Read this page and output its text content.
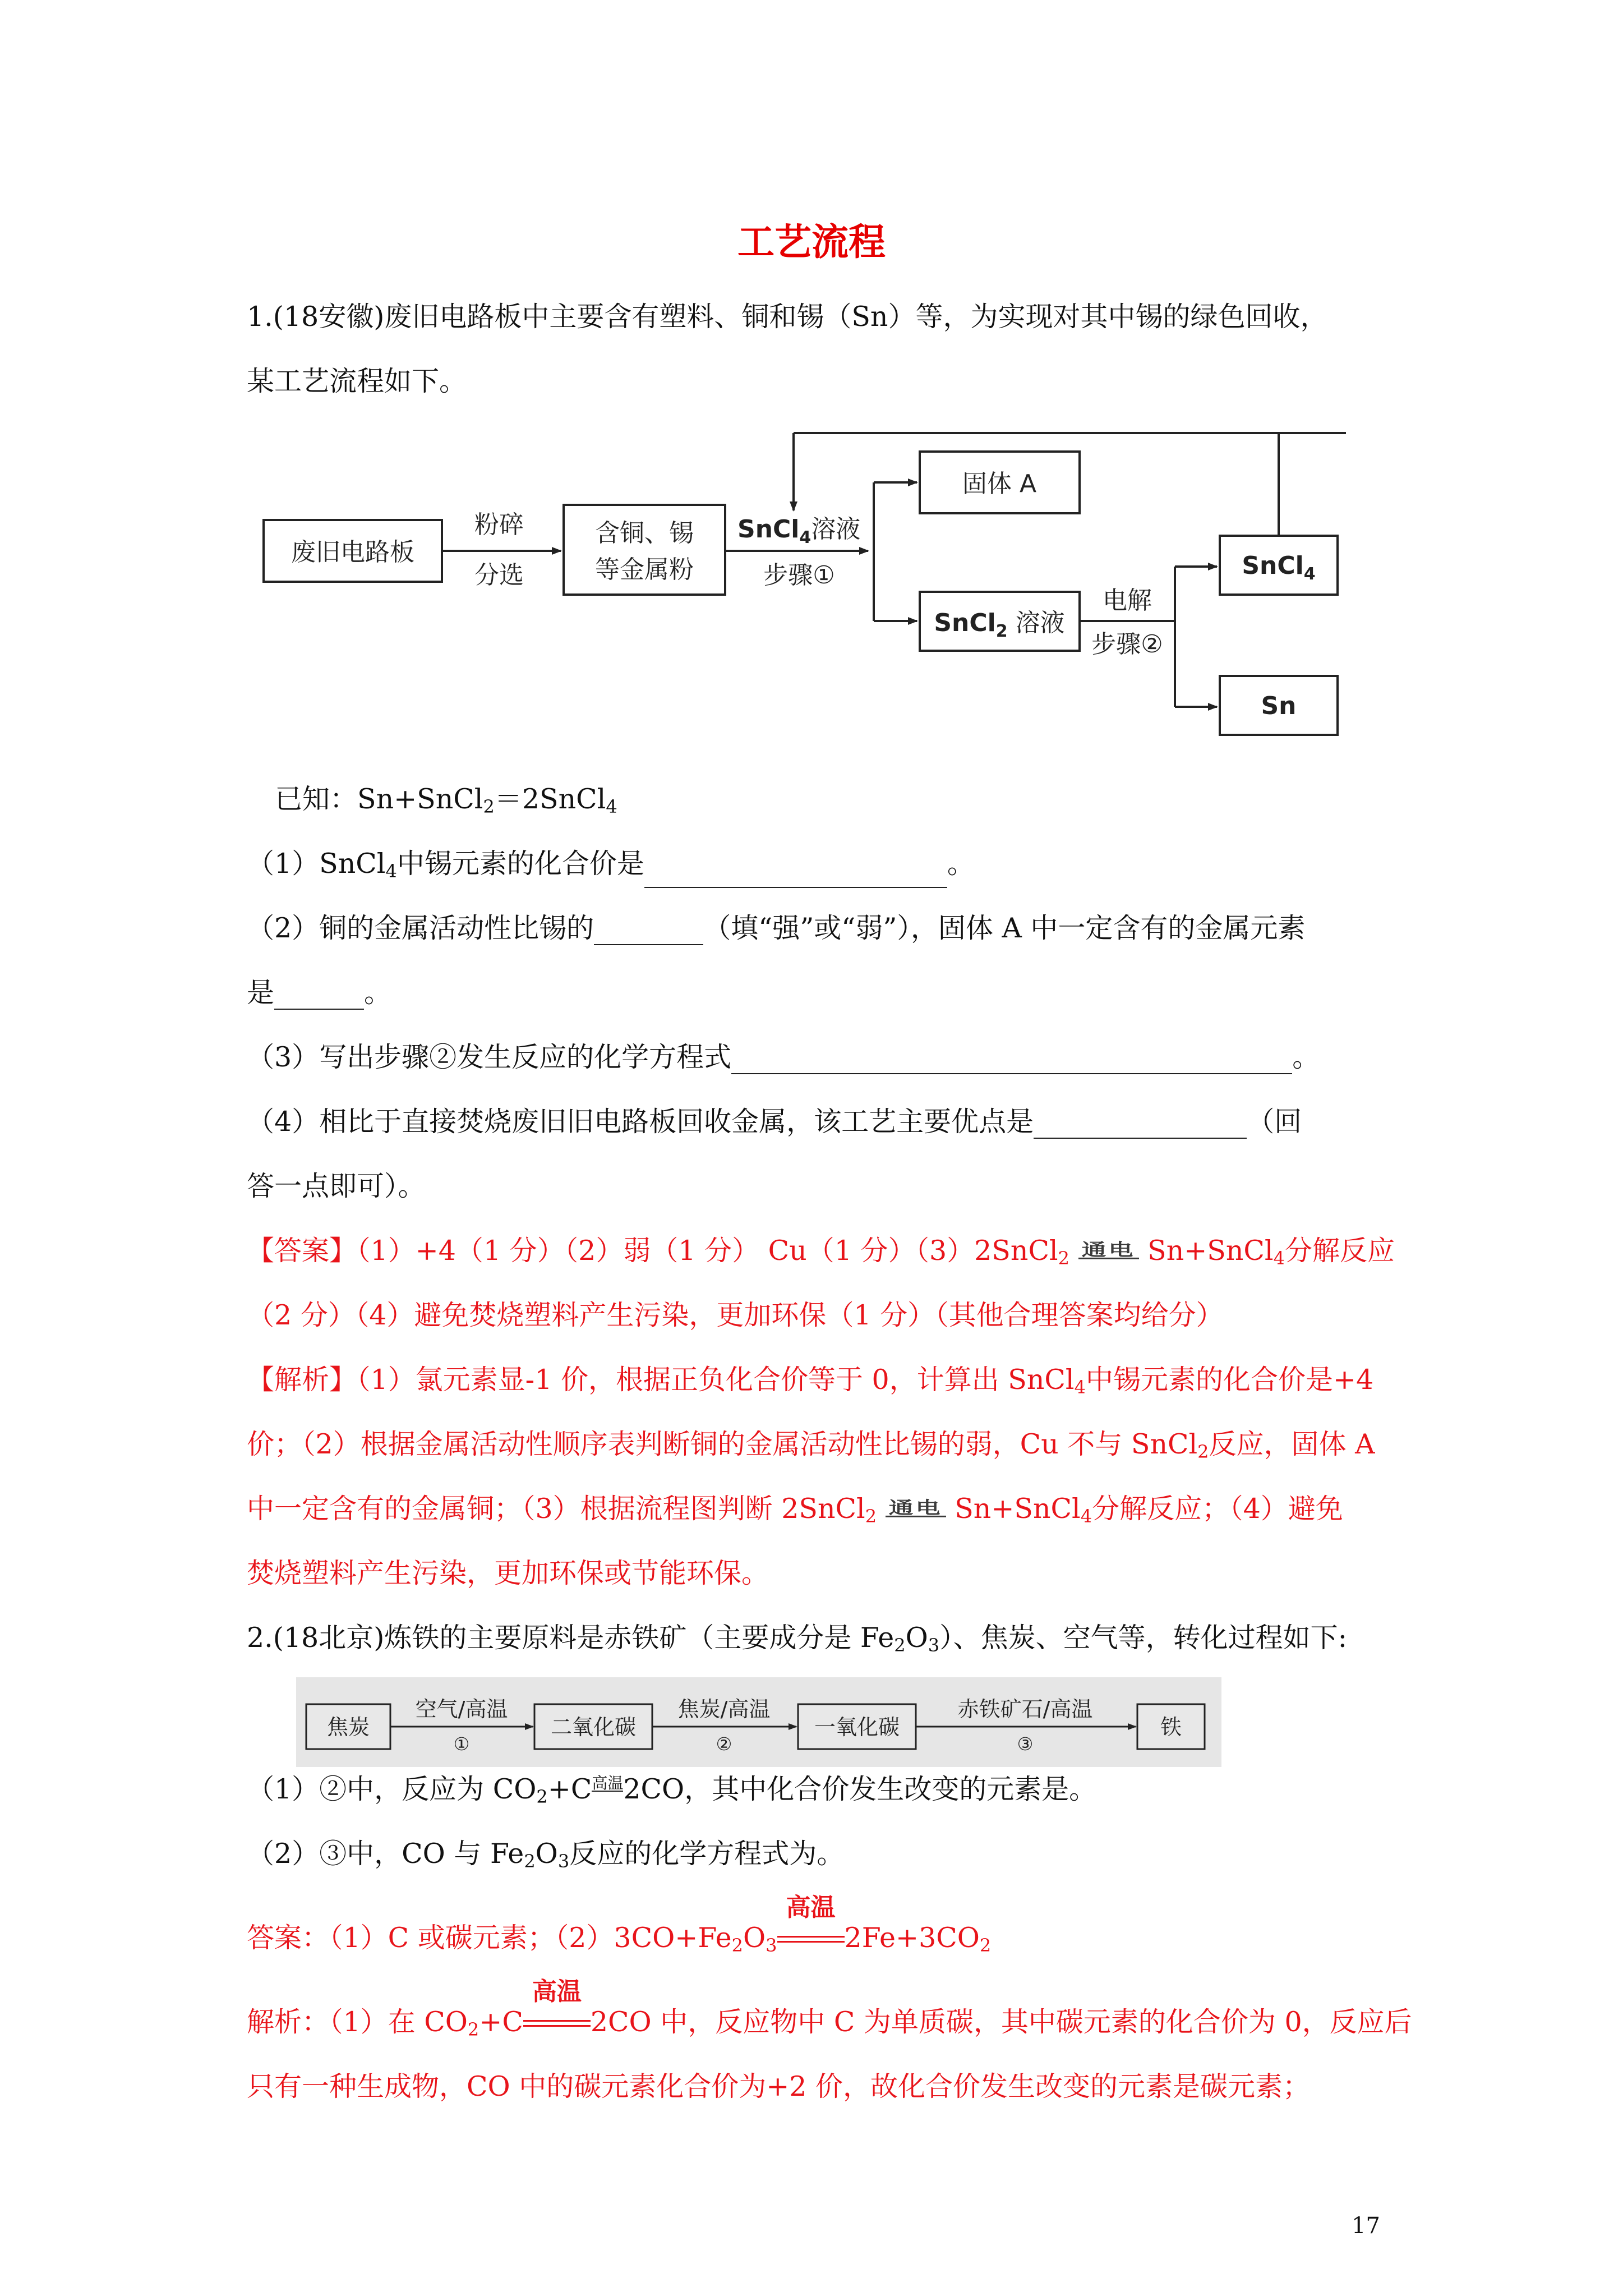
工艺流程
1.(18安徽)废旧电路板中主要含有塑料、铜和锡（Sn）等，为实现对其中锡的绿色回收，
某工艺流程如下。
废旧电路板
粉碎
分选
含铜、锡
等金属粉
SnCl$_4$溶液
步骤①
固体 A
SnCl$_2$ 溶液
电解
步骤②
SnCl$_4$
Sn
已知：Sn+SnCl$_2$＝2SnCl$_4$
（1）SnCl$_4$中锡元素的化合价是	。
（2）铜的金属活动性比锡的	（填“强”或“弱”），固体 A 中一定含有的金属元素
是	。
（3）写出步骤②发生反应的化学方程式	。
（4）相比于直接焚烧废旧旧电路板回收金属，该工艺主要优点是	（回
答一点即可）。
【答案】（1）+4（1 分）（2）弱（1 分） Cu（1 分）（3）2SnCl$_2$ 通电 Sn+SnCl$_4$分解反应
（2 分）（4）避免焚烧塑料产生污染，更加环保（1 分）（其他合理答案均给分）
【解析】（1）氯元素显-1 价，根据正负化合价等于 0，计算出 SnCl$_4$中锡元素的化合价是+4
价；（2）根据金属活动性顺序表判断铜的金属活动性比锡的弱，Cu 不与 SnCl$_2$反应，固体 A
中一定含有的金属铜；（3）根据流程图判断 2SnCl$_2$ 通电 Sn+SnCl$_4$分解反应；（4）避免
焚烧塑料产生污染，更加环保或节能环保。
2.(18北京)炼铁的主要原料是赤铁矿（主要成分是 $Fe_2O_3$）、焦炭、空气等，转化过程如下:
焦炭
空气/高温
①
二氧化碳
焦炭/高温
②
一氧化碳
赤铁矿石/高温
③
铁
（1）②中，反应为 $CO_2+C$高温2CO，其中化合价发生改变的元素是。
（2）③中，CO 与 $Fe_2O_3$反应的化学方程式为。
答案：（1）C 或碳元素；$(2)3CO+Fe_2O_3$
高温
$2Fe+3CO_2$
解析：（1）在 $CO_2+C$
高温
2CO 中，反应物中 C 为单质碳，其中碳元素的化合价为 0，反应后
只有一种生成物，CO 中的碳元素化合价为+2 价，故化合价发生改变的元素是碳元素；
17
